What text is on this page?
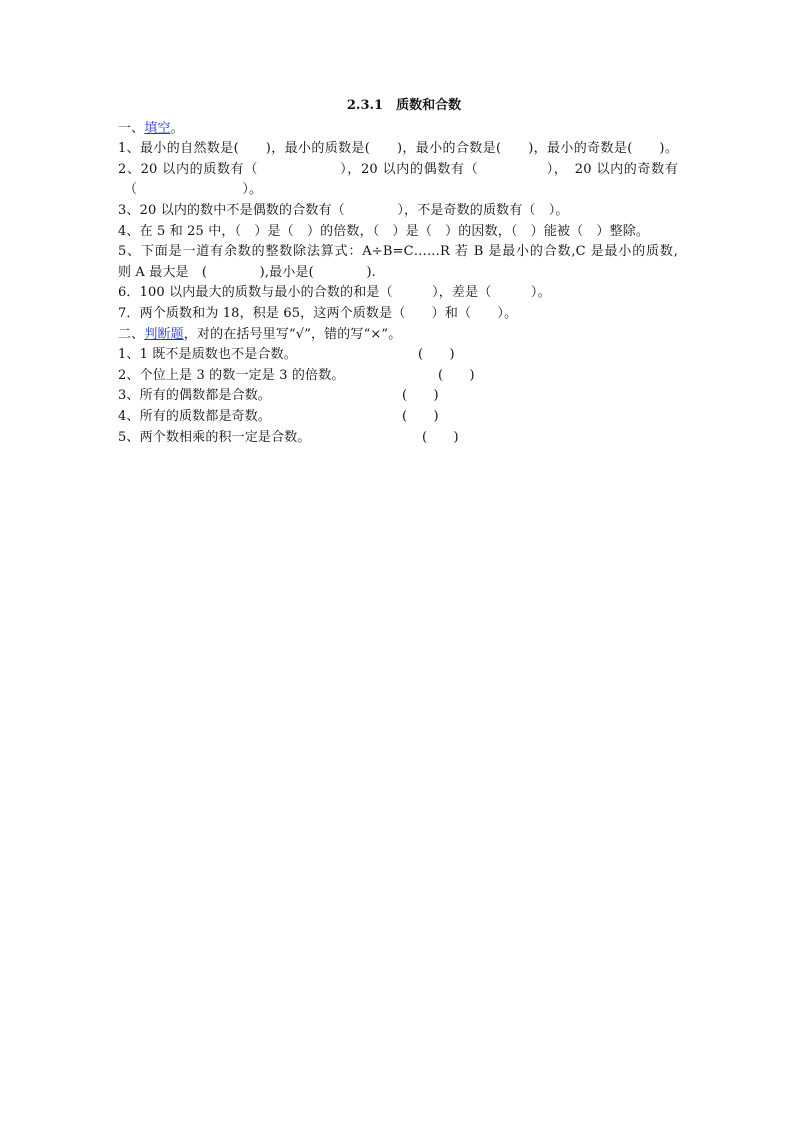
2.3.1　质数和合数
一、填空。
1、最小的自然数是(　　)，最小的质数是(　　)，最小的合数是(　　)，最小的奇数是(　　)。
2、20 以内的质数有（　　　　　　），20 以内的偶数有（　　　　　），　20 以内的奇数有
（　　　　　　　　）。
3、20 以内的数中不是偶数的合数有（　　　　），不是奇数的质数有（　）。
4、在 5 和 25 中，（　）是（　）的倍数，（　）是（　）的因数，（　）能被（　）整除。
5、下面是一道有余数的整数除法算式：A÷B=C……R 若 B 是最小的合数,C 是最小的质数,
则 A 最大是　(　　　　),最小是(　　　　).
6．100 以内最大的质数与最小的合数的和是（　　　），差是（　　　）。
7．两个质数和为 18，积是 65，这两个质数是（　　）和（　　）。
二、判断题，对的在括号里写“√”，错的写“×”。
1、1 既不是质数也不是合数。	(　　)
2、个位上是 3 的数一定是 3 的倍数。	(　　)
3、所有的偶数都是合数。	(　　)
4、所有的质数都是奇数。	(　　)
5、两个数相乘的积一定是合数。	(　　)
